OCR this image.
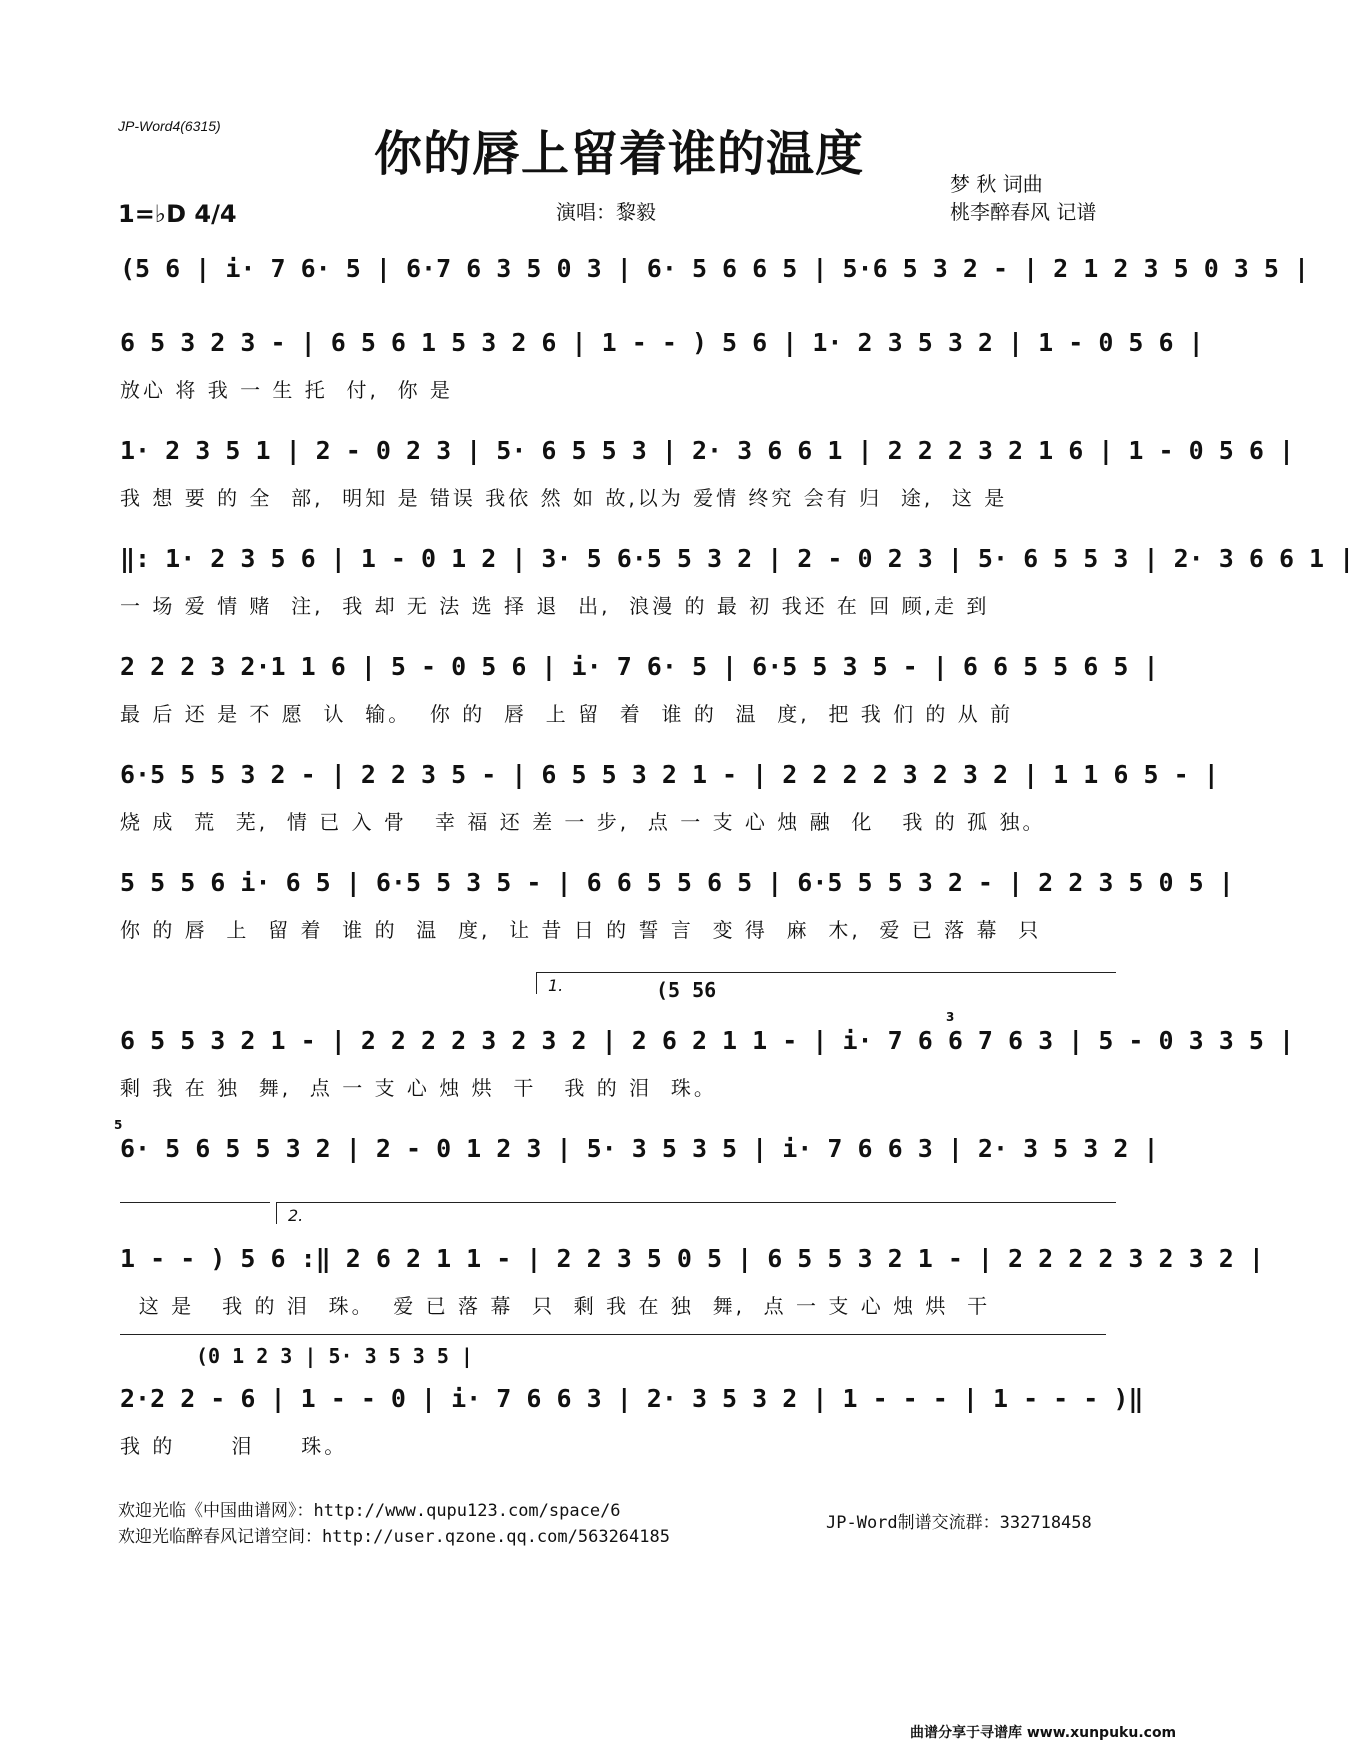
JP-Word4(6315)	你的唇上留着谁的温度
1=♭D 4/4	演唱：黎毅
梦 秋 词曲
桃李醉春风 记谱
(5 6 | i· 7 6· 5 | 6·7 6 3 5 0 3 | 6· 5 6 6 5 | 5·6 5 3 2 - | 2 1 2 3 5 0 3 5 |
6 5 3 2 3 - | 6 5 6 1 5 3 2 6 | 1 - - ) 5 6 | 1· 2 3 5 3 2 | 1 - 0 5 6 |
放心 将 我 一 生 托  付,  你 是
1· 2 3 5 1 | 2 - 0 2 3 | 5· 6 5 5 3 | 2· 3 6 6 1 | 2 2 2 3 2 1 6 | 1 - 0 5 6 |
我 想 要 的 全  部,  明知 是 错误 我依 然 如 故,以为 爱情 终究 会有 归  途,  这 是
‖: 1· 2 3 5 6 | 1 - 0 1 2 | 3· 5 6·5 5 3 2 | 2 - 0 2 3 | 5· 6 5 5 3 | 2· 3 6 6 1 |
一 场 爱 情 赌  注,  我 却 无 法 选 择 退  出,  浪漫 的 最 初 我还 在 回 顾,走 到
2 2 2 3 2·1 1 6 | 5 - 0 5 6 | i· 7 6· 5 | 6·5 5 3 5 - | 6 6 5 5 6 5 |
最 后 还 是 不 愿  认  输。  你 的  唇  上 留  着  谁 的  温  度,  把 我 们 的 从 前
6·5 5 5 3 2 - | 2 2 3 5 - | 6 5 5 3 2 1 - | 2 2 2 2 3 2 3 2 | 1 1 6 5 - |
烧 成  荒  芜,  情 已 入 骨   幸 福 还 差 一 步,  点 一 支 心 烛 融  化   我 的 孤 独。
5 5 5 6 i· 6 5 | 6·5 5 3 5 - | 6 6 5 5 6 5 | 6·5 5 5 3 2 - | 2 2 3 5 0 5 |
你 的 唇  上  留 着  谁 的  温  度,  让 昔 日 的 誓 言  变 得  麻  木,  爱 已 落 幕  只
1.	(5 56
6 5 5 3 2 1 - | 2 2 2 2 3 2 3 2 | 2 6 2 1 1 - | i· 7 6 6 7 6 3 | 5 - 0 3 3 5 |
剩 我 在 独  舞,  点 一 支 心 烛 烘  干   我 的 泪  珠。
3
6· 5 6 5 5 3 2 | 2 - 0 1 2 3 | 5· 3 5 3 5 | i· 7 6 6 3 | 2· 3 5 3 2 |
5
2.
1 - - ) 5 6 :‖ 2 6 2 1 1 - | 2 2 3 5 0 5 | 6 5 5 3 2 1 - | 2 2 2 2 3 2 3 2 |
这 是   我 的 泪  珠。  爱 已 落 幕  只  剩 我 在 独  舞,  点 一 支 心 烛 烘  干
(0 1 2 3 | 5· 3 5 3 5 |
2·2 2 - 6 | 1 - - 0 | i· 7 6 6 3 | 2· 3 5 3 2 | 1 - - - | 1 - - - )‖
我 的      泪     珠。
欢迎光临《中国曲谱网》：http://www.qupu123.com/space/6
欢迎光临醉春风记谱空间：http://user.qzone.qq.com/563264185
JP-Word制谱交流群：332718458
曲谱分享于寻谱库 www.xunpuku.com
